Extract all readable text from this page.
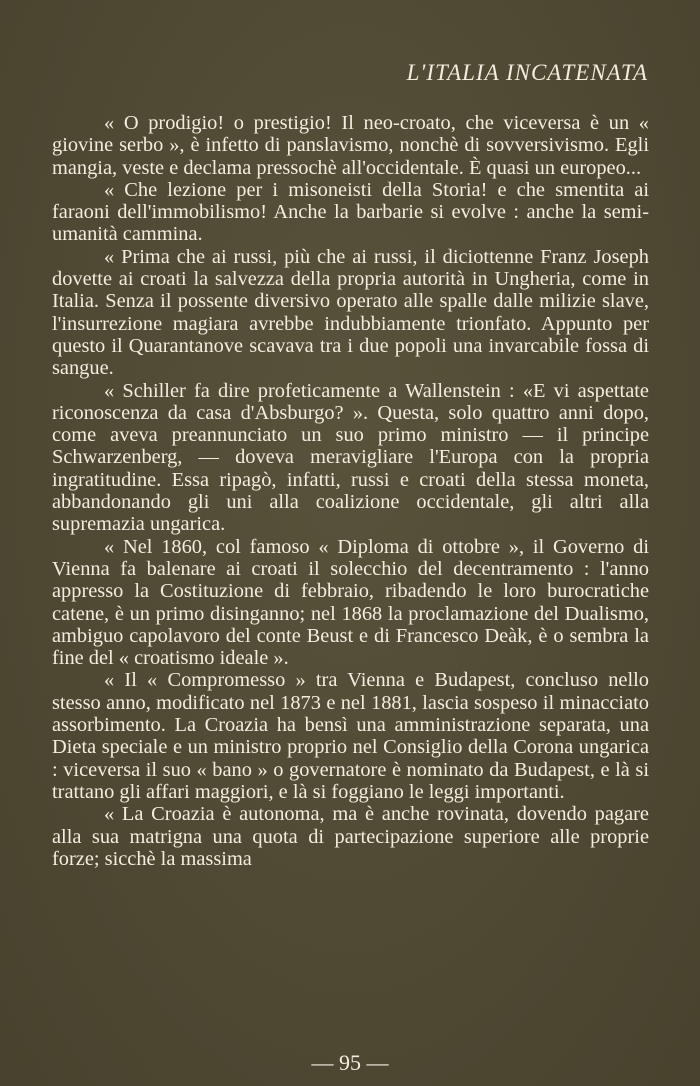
L'ITALIA INCATENATA

« O prodigio! o prestigio! Il neo-croato, che viceversa è un « giovine serbo », è infetto di panslavismo, nonchè di sovversivismo. Egli mangia, veste e declama pressochè all'occidentale. È quasi un europeo...

« Che lezione per i misoneisti della Storia! e che smentita ai faraoni dell'immobilismo! Anche la barbarie si evolve : anche la semi-umanità cammina.

« Prima che ai russi, più che ai russi, il diciottenne Franz Joseph dovette ai croati la salvezza della propria autorità in Ungheria, come in Italia. Senza il possente diversivo operato alle spalle dalle milizie slave, l'insurrezione magiara avrebbe indubbiamente trionfato. Appunto per questo il Quarantanove scavava tra i due popoli una invarcabile fossa di sangue.

« Schiller fa dire profeticamente a Wallenstein : «E vi aspettate riconoscenza da casa d'Absburgo? ». Questa, solo quattro anni dopo, come aveva preannunciato un suo primo ministro — il principe Schwarzenberg, — doveva meravigliare l'Europa con la propria ingratitudine. Essa ripagò, infatti, russi e croati della stessa moneta, abbandonando gli uni alla coalizione occidentale, gli altri alla supremazia ungarica.

« Nel 1860, col famoso « Diploma di ottobre », il Governo di Vienna fa balenare ai croati il solecchio del decentramento : l'anno appresso la Costituzione di febbraio, ribadendo le loro burocratiche catene, è un primo disinganno; nel 1868 la proclamazione del Dualismo, ambiguo capolavoro del conte Beust e di Francesco Deàk, è o sembra la fine del « croatismo ideale ».

« Il « Compromesso » tra Vienna e Budapest, concluso nello stesso anno, modificato nel 1873 e nel 1881, lascia sospeso il minacciato assorbimento. La Croazia ha bensì una amministrazione separata, una Dieta speciale e un ministro proprio nel Consiglio della Corona ungarica : viceversa il suo « bano » o governatore è nominato da Budapest, e là si trattano gli affari maggiori, e là si foggiano le leggi importanti.

« La Croazia è autonoma, ma è anche rovinata, dovendo pagare alla sua matrigna una quota di partecipazione superiore alle proprie forze; sicchè la massima

— 95 —
